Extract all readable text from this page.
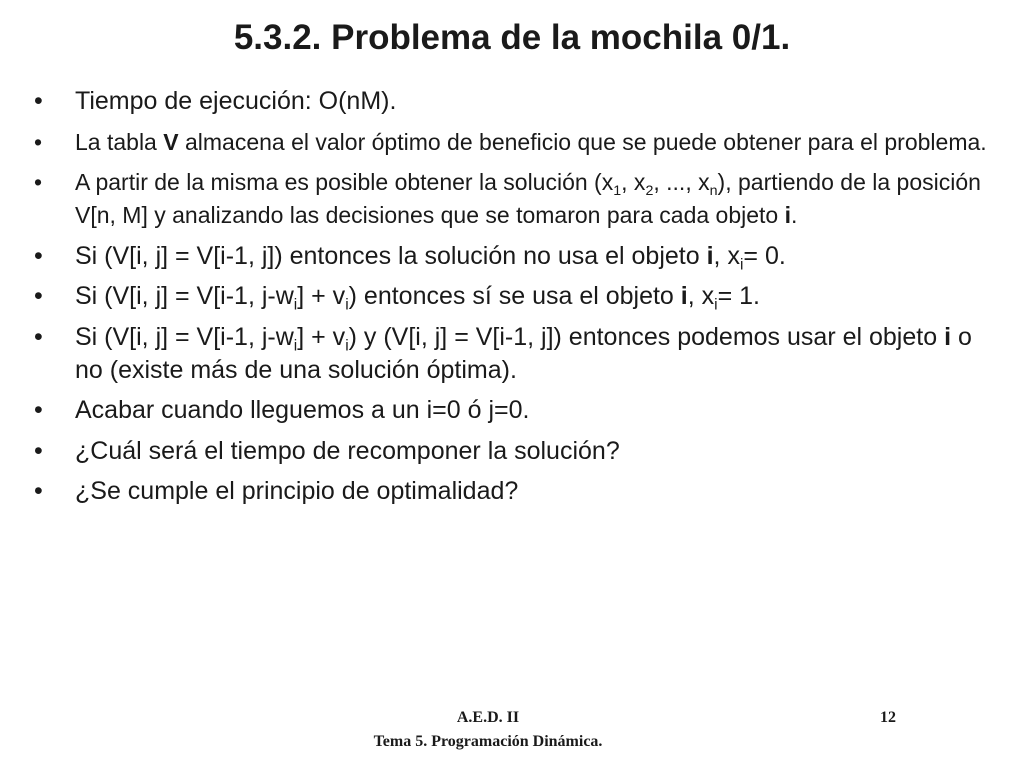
5.3.2. Problema de la mochila 0/1.
•	Tiempo de ejecución: O(nM).
•	La tabla V almacena el valor óptimo de beneficio que se puede obtener para el problema.
•	A partir de la misma es posible obtener la solución ($x_1$, $x_2$, ..., $x_n$), partiendo de la posición V[n, M] y analizando las decisiones que se tomaron para cada objeto i.
•	Si (V[i, j] = V[i-1, j]) entonces la solución no usa el objeto i, $x_i= 0$.
•	Si (V[i, j] = V[i-1, $j-w_i] + v_i$) entonces sí se usa el objeto i, $x_i= 1$.
•	Si (V[i, j] = V[i-1, $j-w_i] + v_i$) y (V[i, j] = V[i-1, j]) entonces podemos usar el objeto i o no (existe más de una solución óptima).
•	Acabar cuando lleguemos a un i=0 ó j=0.
•	¿Cuál será el tiempo de recomponer la solución?
•	¿Se cumple el principio de optimalidad?
A.E.D. II
Tema 5. Programación Dinámica.
12
